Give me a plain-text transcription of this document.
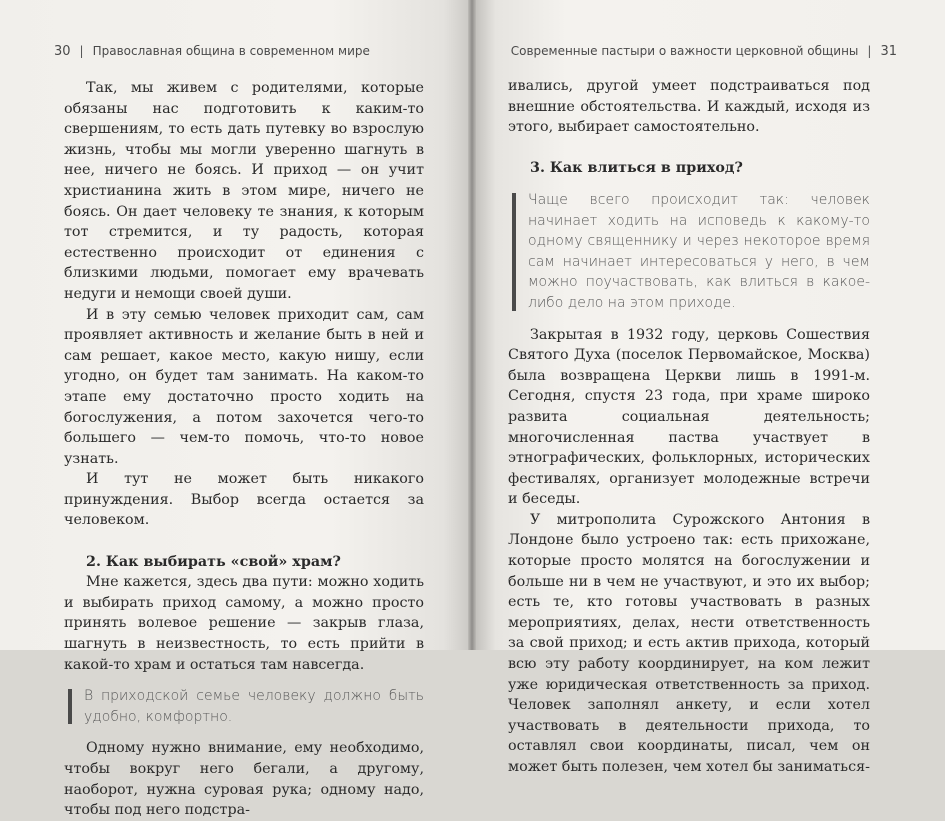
30 | Православная община в современном мире

Так, мы живем с родителями, которые обязаны нас подготовить к каким-то свершениям, то есть дать путевку во взрослую жизнь, чтобы мы могли уверенно шагнуть в нее, ничего не боясь. И приход — он учит христианина жить в этом мире, ничего не боясь. Он дает человеку те знания, к которым тот стремится, и ту радость, которая естественно происходит от единения с близкими людьми, помогает ему врачевать недуги и немощи своей души.

И в эту семью человек приходит сам, сам проявляет активность и желание быть в ней и сам решает, какое место, какую нишу, если угодно, он будет там занимать. На каком-то этапе ему достаточно просто ходить на богослужения, а потом захочется чего-то большего — чем-то помочь, что-то новое узнать.

И тут не может быть никакого принуждения. Выбор всегда остается за человеком.

2. Как выбирать «свой» храм?

Мне кажется, здесь два пути: можно ходить и выбирать приход самому, а можно просто принять волевое решение — закрыв глаза, шагнуть в неизвестность, то есть прийти в какой-то храм и остаться там навсегда.

В приходской семье человеку должно быть удобно, комфортно.

Одному нужно внимание, ему необходимо, чтобы вокруг него бегали, а другому, наоборот, нужна суровая рука; одному надо, чтобы под него подстра-

Современные пастыри о важности церковной общины | 31

ивались, другой умеет подстраиваться под внешние обстоятельства. И каждый, исходя из этого, выбирает самостоятельно.

3. Как влиться в приход?

Чаще всего происходит так: человек начинает ходить на исповедь к какому-то одному священнику и через некоторое время сам начинает интересоваться у него, в чем можно поучаствовать, как влиться в какое-либо дело на этом приходе.

Закрытая в 1932 году, церковь Сошествия Святого Духа (поселок Первомайское, Москва) была возвращена Церкви лишь в 1991-м. Сегодня, спустя 23 года, при храме широко развита социальная деятельность; многочисленная паства участвует в этнографических, фольклорных, исторических фестивалях, организует молодежные встречи и беседы.

У митрополита Сурожского Антония в Лондоне было устроено так: есть прихожане, которые просто молятся на богослужении и больше ни в чем не участвуют, и это их выбор; есть те, кто готовы участвовать в разных мероприятиях, делах, нести ответственность за свой приход; и есть актив прихода, который всю эту работу координирует, на ком лежит уже юридическая ответственность за приход. Человек заполнял анкету, и если хотел участвовать в деятельности прихода, то оставлял свои координаты, писал, чем он может быть полезен, чем хотел бы заниматься-
